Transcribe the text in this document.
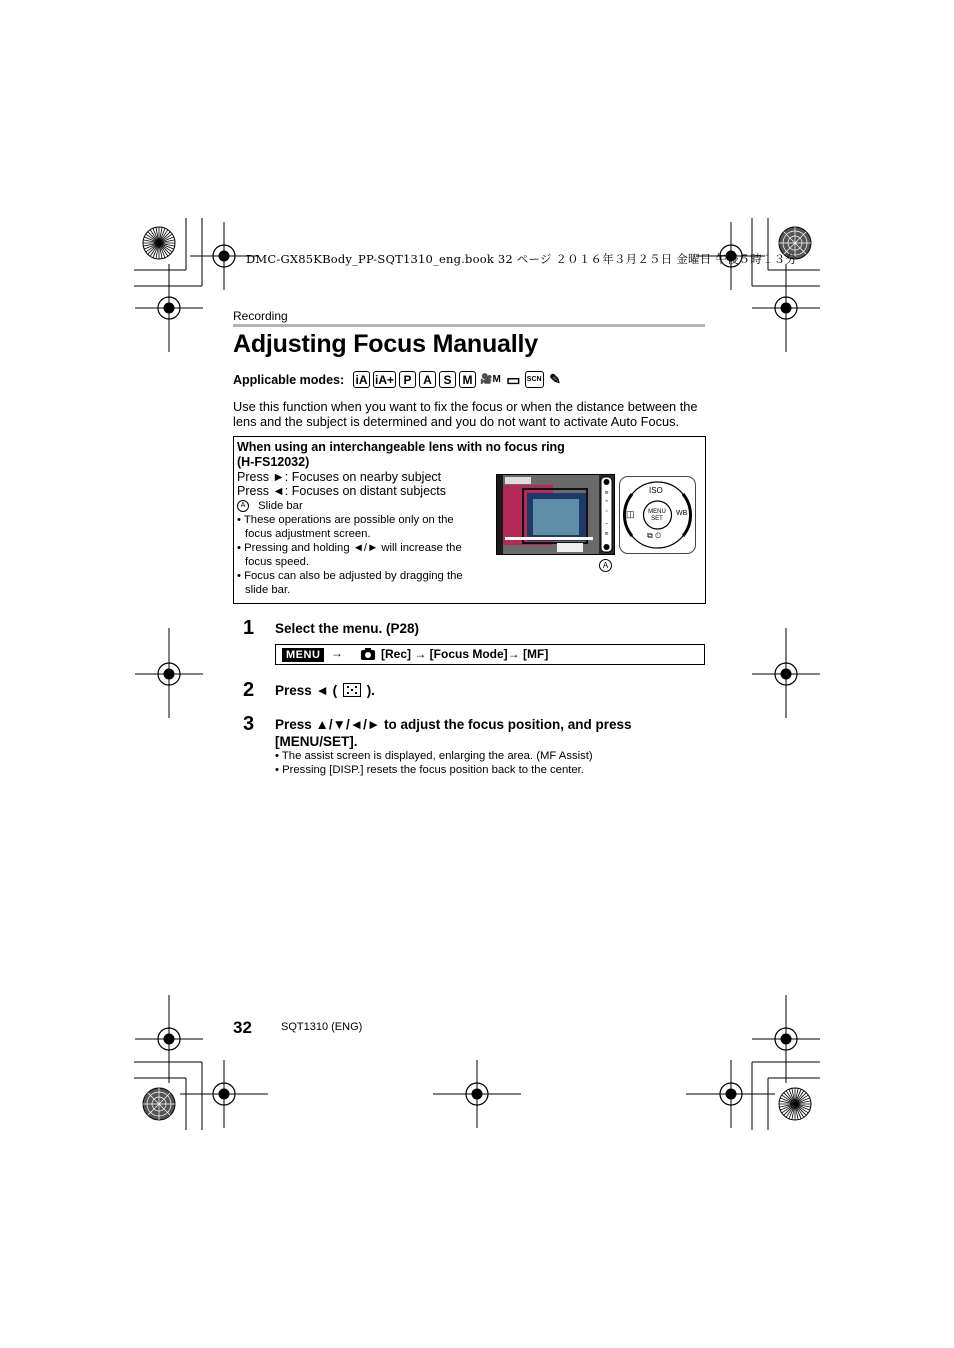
DMC-GX85KBody_PP-SQT1310_eng.book 32 ページ ２０１６年３月２５日 金曜日 午後５時１３分
Recording
Adjusting Focus Manually
Applicable modes: iA iA+ P A S M 🎥M ▭ SCN ✎
Use this function when you want to fix the focus or when the distance between the lens and the subject is determined and you do not want to activate Auto Focus.
When using an interchangeable lens with no focus ring
(H-FS12032)
Press ►: Focuses on nearby subject
Press ◄: Focuses on distant subjects
A Slide bar
• These operations are possible only on the
focus adjustment screen.
• Pressing and holding ◄/► will increase the
focus speed.
• Focus can also be adjusted by dragging the
slide bar.
≡
^
⌃
⌄
≡
A
ISO
MENU SET
◫	WB
⧉ ⏲
1 Select the menu. (P28)
MENU →	[Rec] → [Focus Mode]→ [MF]
2 Press ◄ ( ).
3 Press ▲/▼/◄/► to adjust the focus position, and press
[MENU/SET].
• The assist screen is displayed, enlarging the area. (MF Assist)
• Pressing [DISP.] resets the focus position back to the center.
32	SQT1310 (ENG)
